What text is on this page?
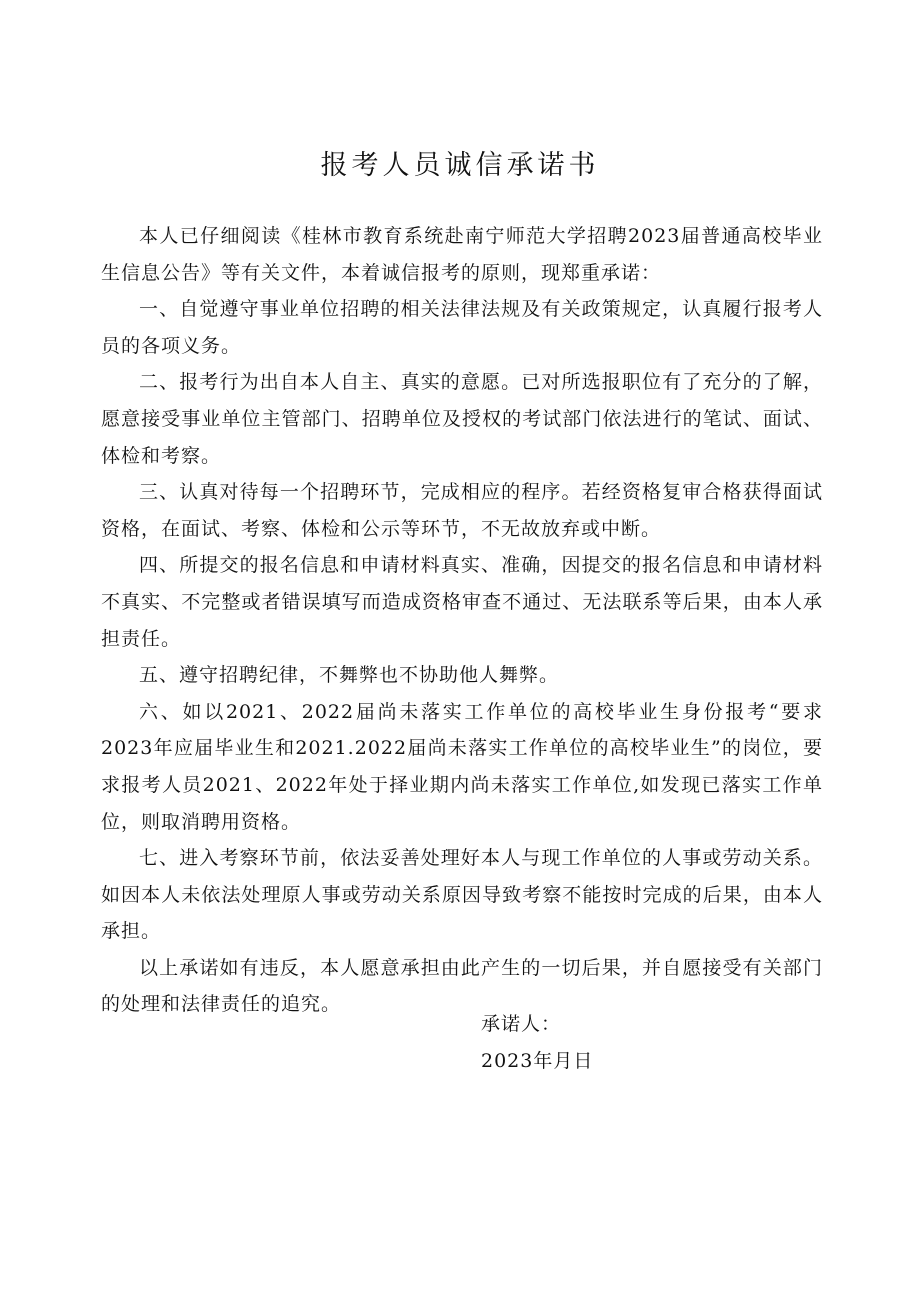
报考人员诚信承诺书

本人已仔细阅读《桂林市教育系统赴南宁师范大学招聘2023届普通高校毕业生信息公告》等有关文件，本着诚信报考的原则，现郑重承诺：

一、自觉遵守事业单位招聘的相关法律法规及有关政策规定，认真履行报考人员的各项义务。

二、报考行为出自本人自主、真实的意愿。已对所选报职位有了充分的了解，愿意接受事业单位主管部门、招聘单位及授权的考试部门依法进行的笔试、面试、体检和考察。

三、认真对待每一个招聘环节，完成相应的程序。若经资格复审合格获得面试资格，在面试、考察、体检和公示等环节，不无故放弃或中断。

四、所提交的报名信息和申请材料真实、准确，因提交的报名信息和申请材料不真实、不完整或者错误填写而造成资格审查不通过、无法联系等后果，由本人承担责任。

五、遵守招聘纪律，不舞弊也不协助他人舞弊。

六、如以2021、2022届尚未落实工作单位的高校毕业生身份报考“要求2023年应届毕业生和2021.2022届尚未落实工作单位的高校毕业生”的岗位，要求报考人员2021、2022年处于择业期内尚未落实工作单位,如发现已落实工作单位，则取消聘用资格。

七、进入考察环节前，依法妥善处理好本人与现工作单位的人事或劳动关系。如因本人未依法处理原人事或劳动关系原因导致考察不能按时完成的后果，由本人承担。

以上承诺如有违反，本人愿意承担由此产生的一切后果，并自愿接受有关部门的处理和法律责任的追究。

承诺人：
2023年月日
